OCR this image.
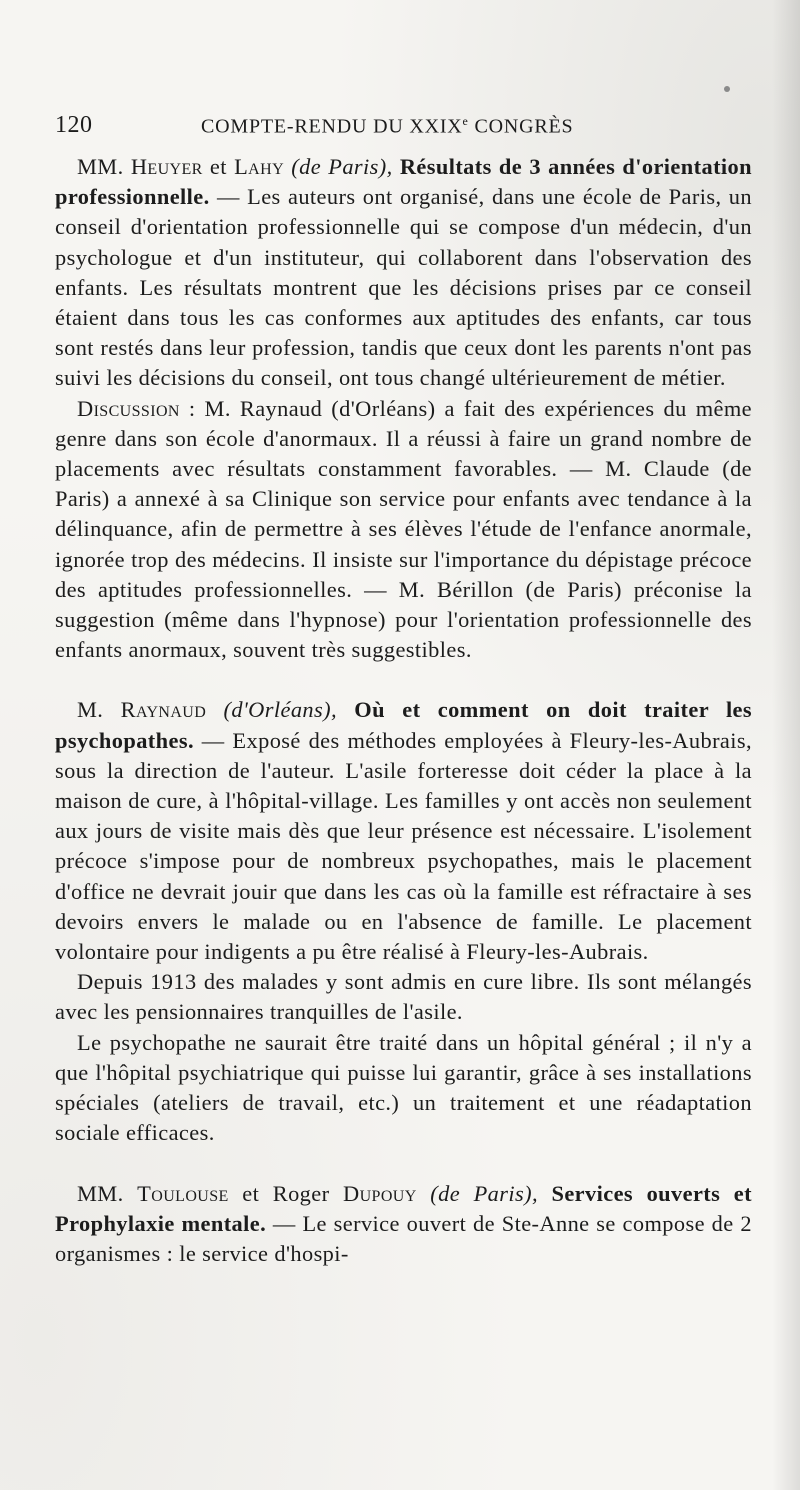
120	COMPTE-RENDU DU XXIXe CONGRÈS

MM. Heuyer et Lahy (de Paris), Résultats de 3 années d'orientation professionnelle. — Les auteurs ont organisé, dans une école de Paris, un conseil d'orientation professionnelle qui se compose d'un médecin, d'un psychologue et d'un instituteur, qui collaborent dans l'observation des enfants. Les résultats montrent que les décisions prises par ce conseil étaient dans tous les cas conformes aux aptitudes des enfants, car tous sont restés dans leur profession, tandis que ceux dont les parents n'ont pas suivi les décisions du conseil, ont tous changé ultérieurement de métier.

Discussion : M. Raynaud (d'Orléans) a fait des expériences du même genre dans son école d'anormaux. Il a réussi à faire un grand nombre de placements avec résultats constamment favorables. — M. Claude (de Paris) a annexé à sa Clinique son service pour enfants avec tendance à la délinquance, afin de permettre à ses élèves l'étude de l'enfance anormale, ignorée trop des médecins. Il insiste sur l'importance du dépistage précoce des aptitudes professionnelles. — M. Bérillon (de Paris) préconise la suggestion (même dans l'hypnose) pour l'orientation professionnelle des enfants anormaux, souvent très suggestibles.

M. Raynaud (d'Orléans), Où et comment on doit traiter les psychopathes. — Exposé des méthodes employées à Fleury-les-Aubrais, sous la direction de l'auteur. L'asile forteresse doit céder la place à la maison de cure, à l'hôpital-village. Les familles y ont accès non seulement aux jours de visite mais dès que leur présence est nécessaire. L'isolement précoce s'impose pour de nombreux psychopathes, mais le placement d'office ne devrait jouir que dans les cas où la famille est réfractaire à ses devoirs envers le malade ou en l'absence de famille. Le placement volontaire pour indigents a pu être réalisé à Fleury-les-Aubrais.

Depuis 1913 des malades y sont admis en cure libre. Ils sont mélangés avec les pensionnaires tranquilles de l'asile.

Le psychopathe ne saurait être traité dans un hôpital général ; il n'y a que l'hôpital psychiatrique qui puisse lui garantir, grâce à ses installations spéciales (ateliers de travail, etc.) un traitement et une réadaptation sociale efficaces.

MM. Toulouse et Roger Dupouy (de Paris), Services ouverts et Prophylaxie mentale. — Le service ouvert de Ste-Anne se compose de 2 organismes : le service d'hospi-
